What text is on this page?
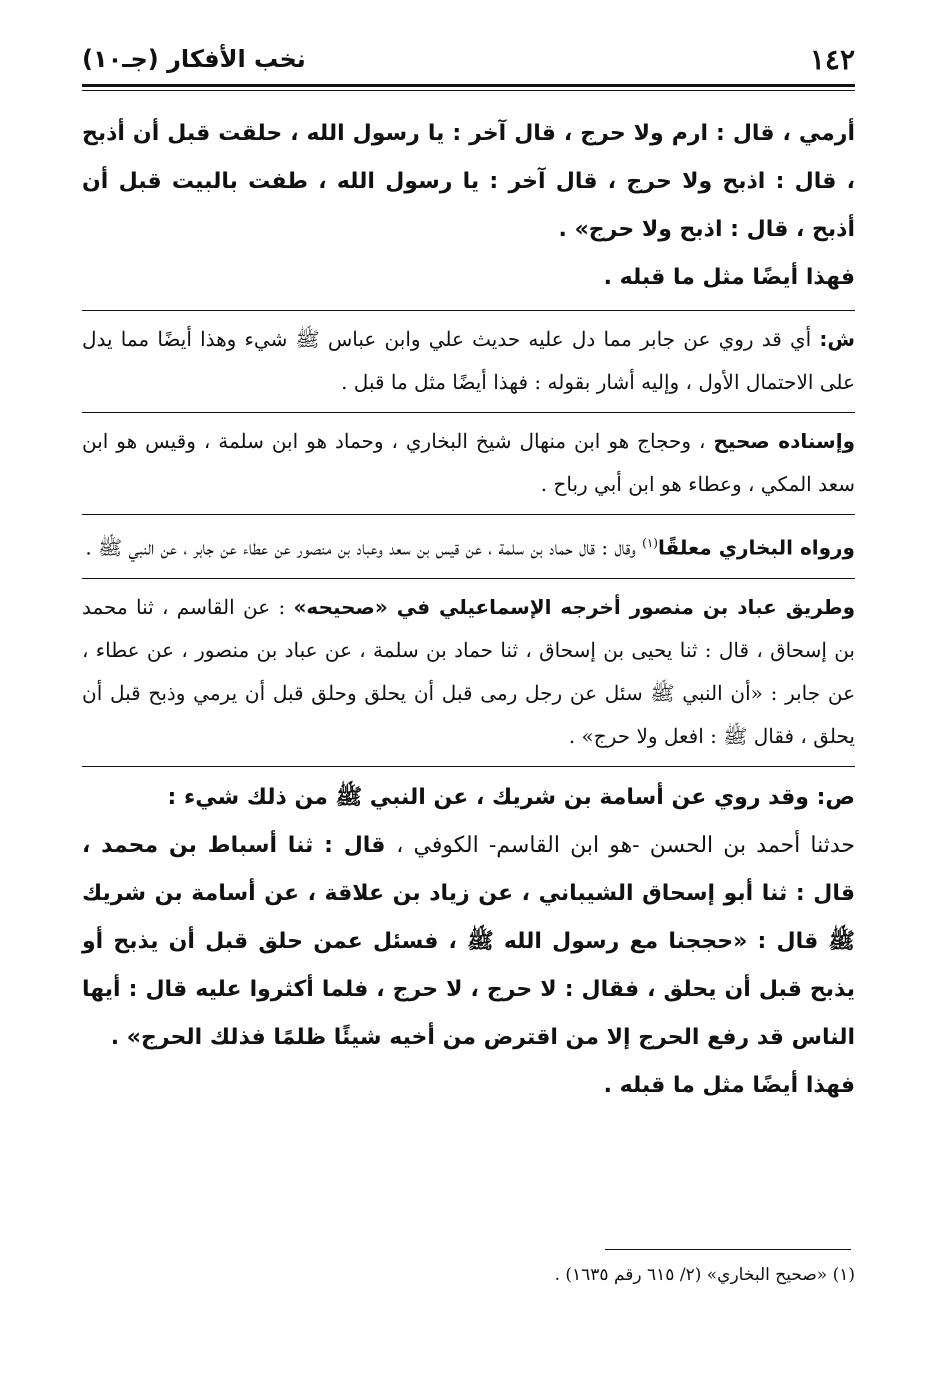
١٤٢
نخب الأفكار (جـ١٠)

أرمي ، قال : ارم ولا حرج ، قال آخر : يا رسول الله ، حلقت قبل أن أذبح ، قال : اذبح ولا حرج ، قال آخر : يا رسول الله ، طفت بالبيت قبل أن أذبح ، قال : اذبح ولا حرج» .

فهذا أيضًا مثل ما قبله .

ش: أي قد روي عن جابر مما دل عليه حديث علي وابن عباس ﷺ شيء وهذا أيضًا مما يدل على الاحتمال الأول ، وإليه أشار بقوله : فهذا أيضًا مثل ما قبل .

وإسناده صحيح ، وحجاج هو ابن منهال شيخ البخاري ، وحماد هو ابن سلمة ، وقيس هو ابن سعد المكي ، وعطاء هو ابن أبي رباح .

ورواه البخاري معلقًا$^{(١)}$ وقال : قال حماد بن سلمة ، عن قيس بن سعد وعباد بن منصور عن عطاء عن جابر ، عن النبي ﷺ .

وطريق عباد بن منصور أخرجه الإسماعيلي في «صحيحه» : عن القاسم ، ثنا محمد بن إسحاق ، قال : ثنا يحيى بن إسحاق ، ثنا حماد بن سلمة ، عن عباد بن منصور ، عن عطاء ، عن جابر : «أن النبي ﷺ سئل عن رجل رمى قبل أن يحلق وحلق قبل أن يرمي وذبح قبل أن يحلق ، فقال ﷺ : افعل ولا حرج» .

ص: وقد روي عن أسامة بن شريك ، عن النبي ﷺ من ذلك شيء :

حدثنا أحمد بن الحسن -هو ابن القاسم- الكوفي ، قال : ثنا أسباط بن محمد ، قال : ثنا أبو إسحاق الشيباني ، عن زياد بن علاقة ، عن أسامة بن شريك ﷺ قال : «حججنا مع رسول الله ﷺ ، فسئل عمن حلق قبل أن يذبح أو يذبح قبل أن يحلق ، فقال : لا حرج ، لا حرج ، فلما أكثروا عليه قال : أيها الناس قد رفع الحرج إلا من اقترض من أخيه شيئًا ظلمًا فذلك الحرج» .

فهذا أيضًا مثل ما قبله .

(١) «صحيح البخاري» (٢/ ٦١٥ رقم ١٦٣٥) .
